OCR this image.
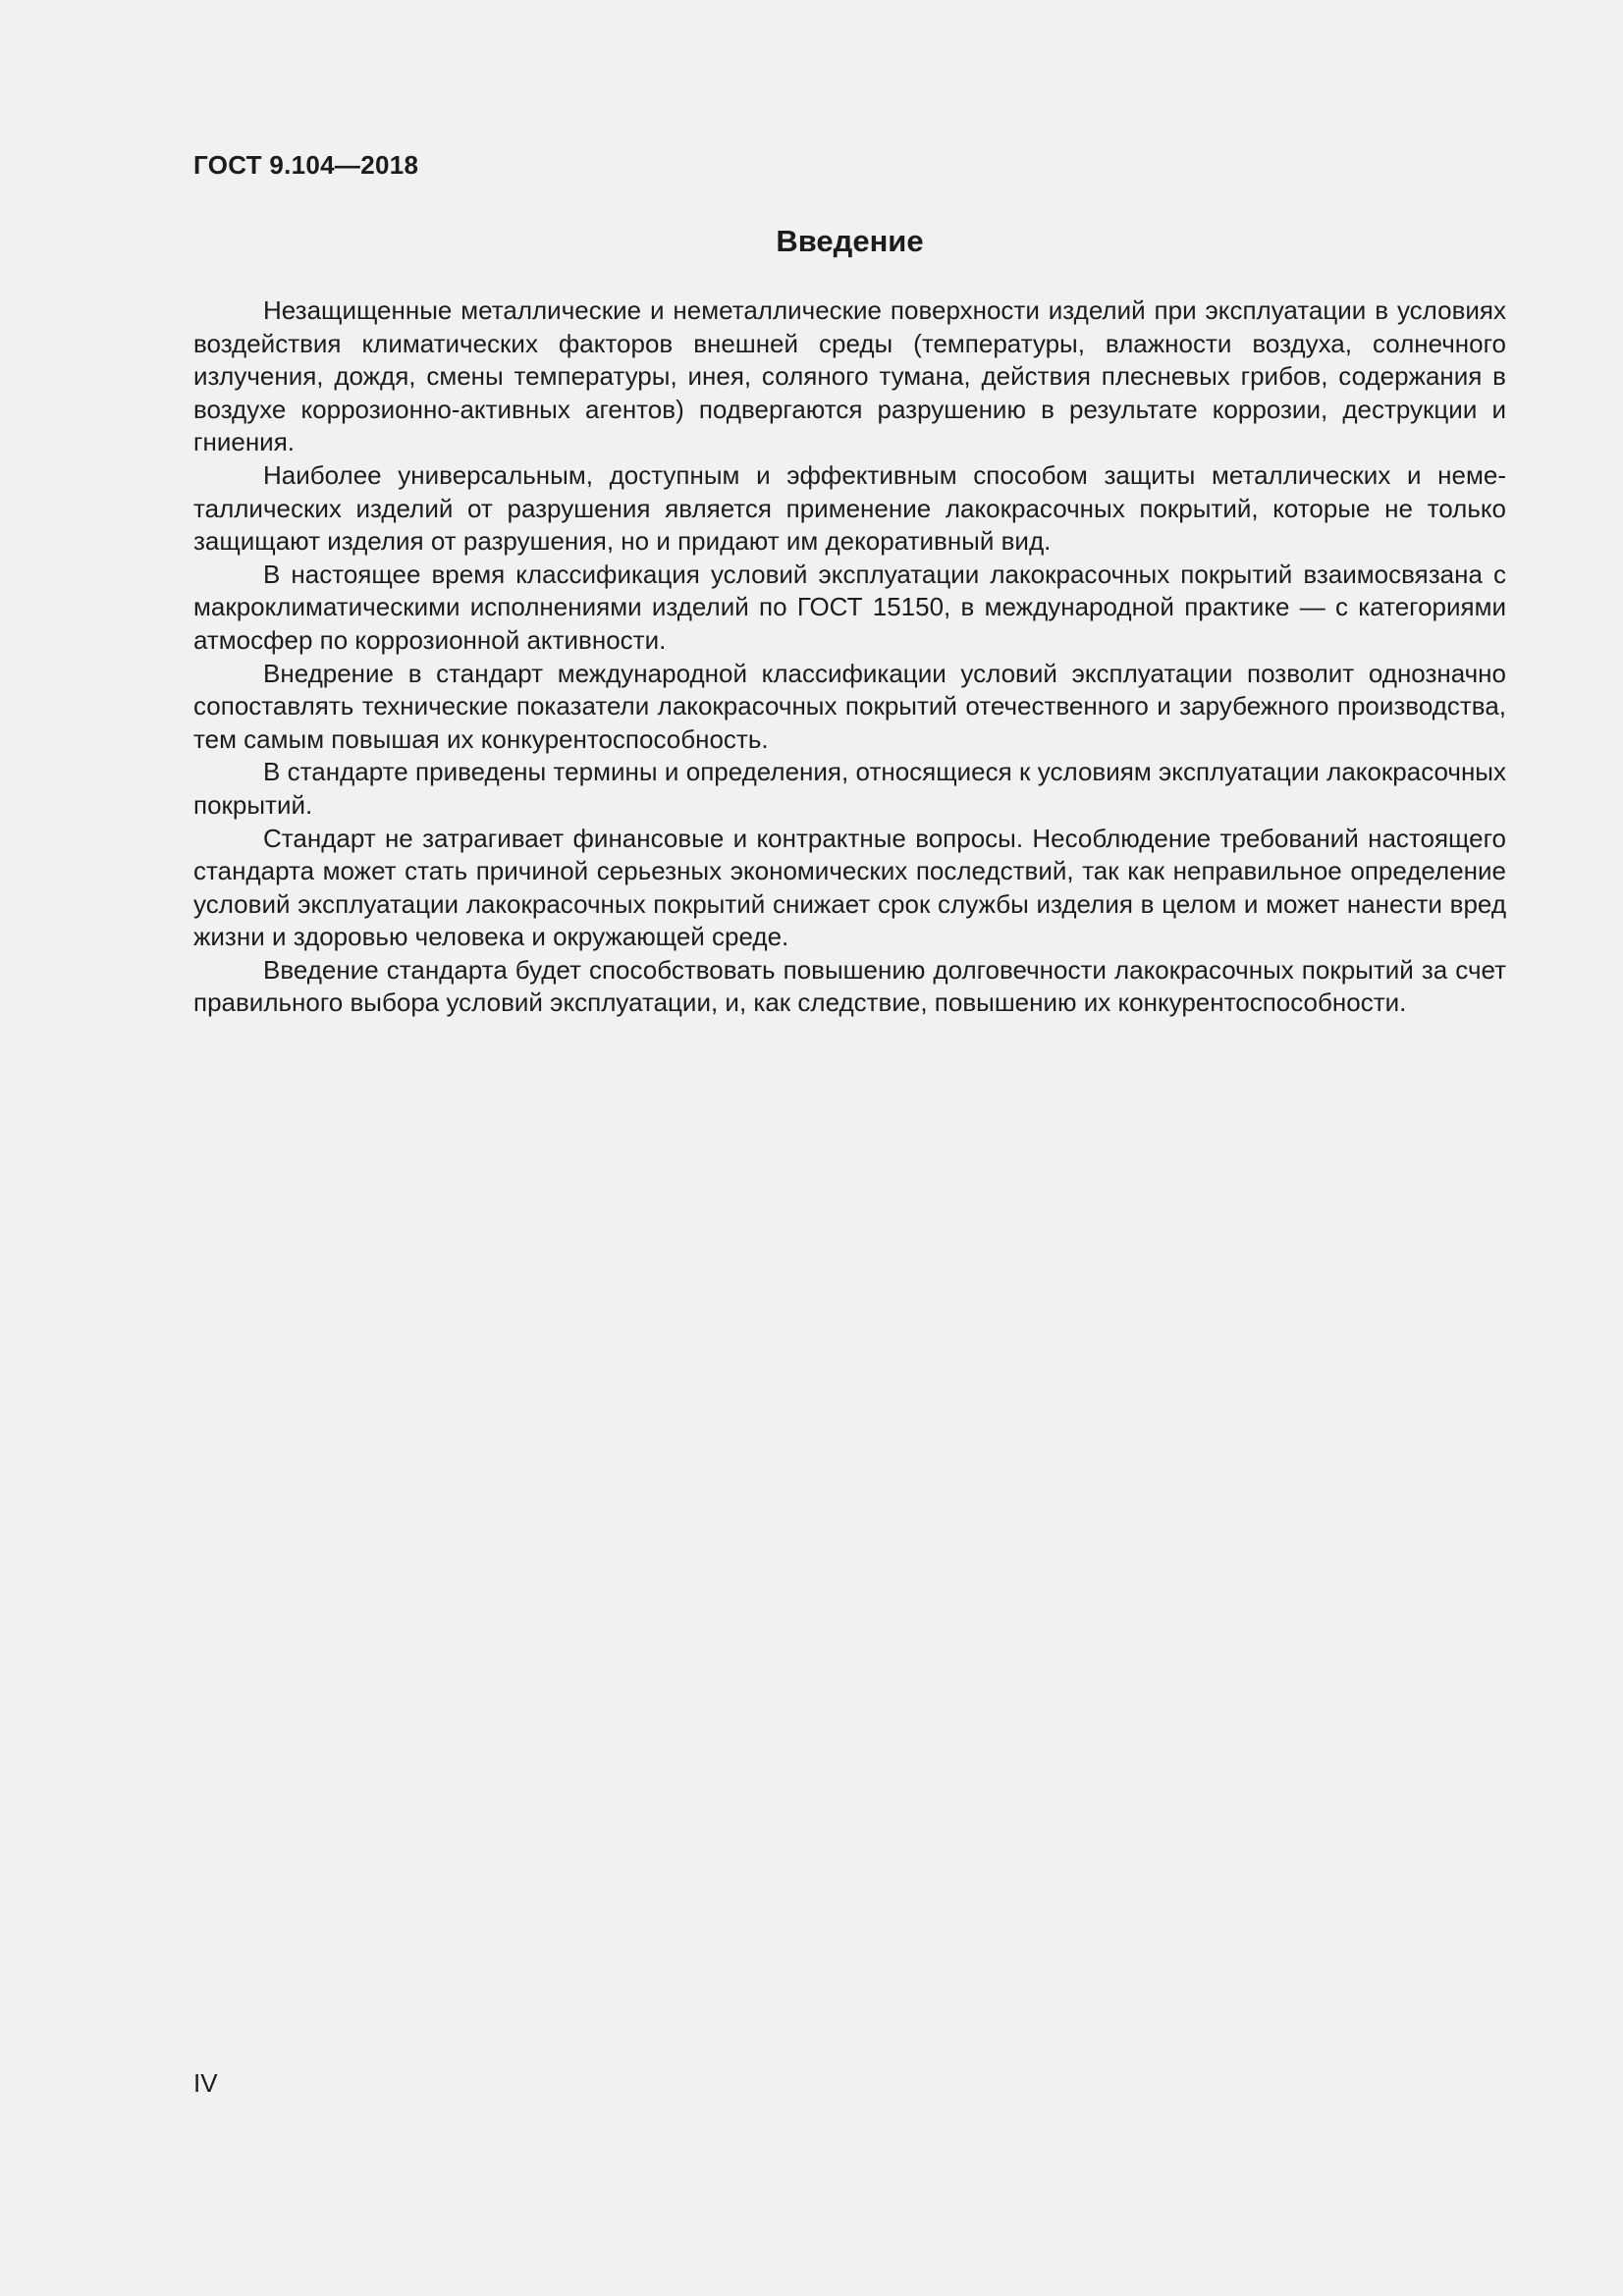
ГОСТ 9.104—2018
Введение

Незащищенные металлические и неметаллические поверхности изделий при эксплуатации в условиях воздействия климатических факторов внешней среды (температуры, влажности воздуха, солнечного излучения, дождя, смены температуры, инея, соляного тумана, действия плесневых грибов, содержания в воздухе коррозионно-активных агентов) подвергаются разрушению в результате коррозии, деструкции и гниения.

Наиболее универсальным, доступным и эффективным способом защиты металлических и неметаллических изделий от разрушения является применение лакокрасочных покрытий, которые не только защищают изделия от разрушения, но и придают им декоративный вид.

В настоящее время классификация условий эксплуатации лакокрасочных покрытий взаимосвязана с макроклиматическими исполнениями изделий по ГОСТ 15150, в международной практике — с категориями атмосфер по коррозионной активности.

Внедрение в стандарт международной классификации условий эксплуатации позволит однозначно сопоставлять технические показатели лакокрасочных покрытий отечественного и зарубежного производства, тем самым повышая их конкурентоспособность.

В стандарте приведены термины и определения, относящиеся к условиям эксплуатации лакокрасочных покрытий.

Стандарт не затрагивает финансовые и контрактные вопросы. Несоблюдение требований настоящего стандарта может стать причиной серьезных экономических последствий, так как неправильное определение условий эксплуатации лакокрасочных покрытий снижает срок службы изделия в целом и может нанести вред жизни и здоровью человека и окружающей среде.

Введение стандарта будет способствовать повышению долговечности лакокрасочных покрытий за счет правильного выбора условий эксплуатации, и, как следствие, повышению их конкурентоспособности.

IV
